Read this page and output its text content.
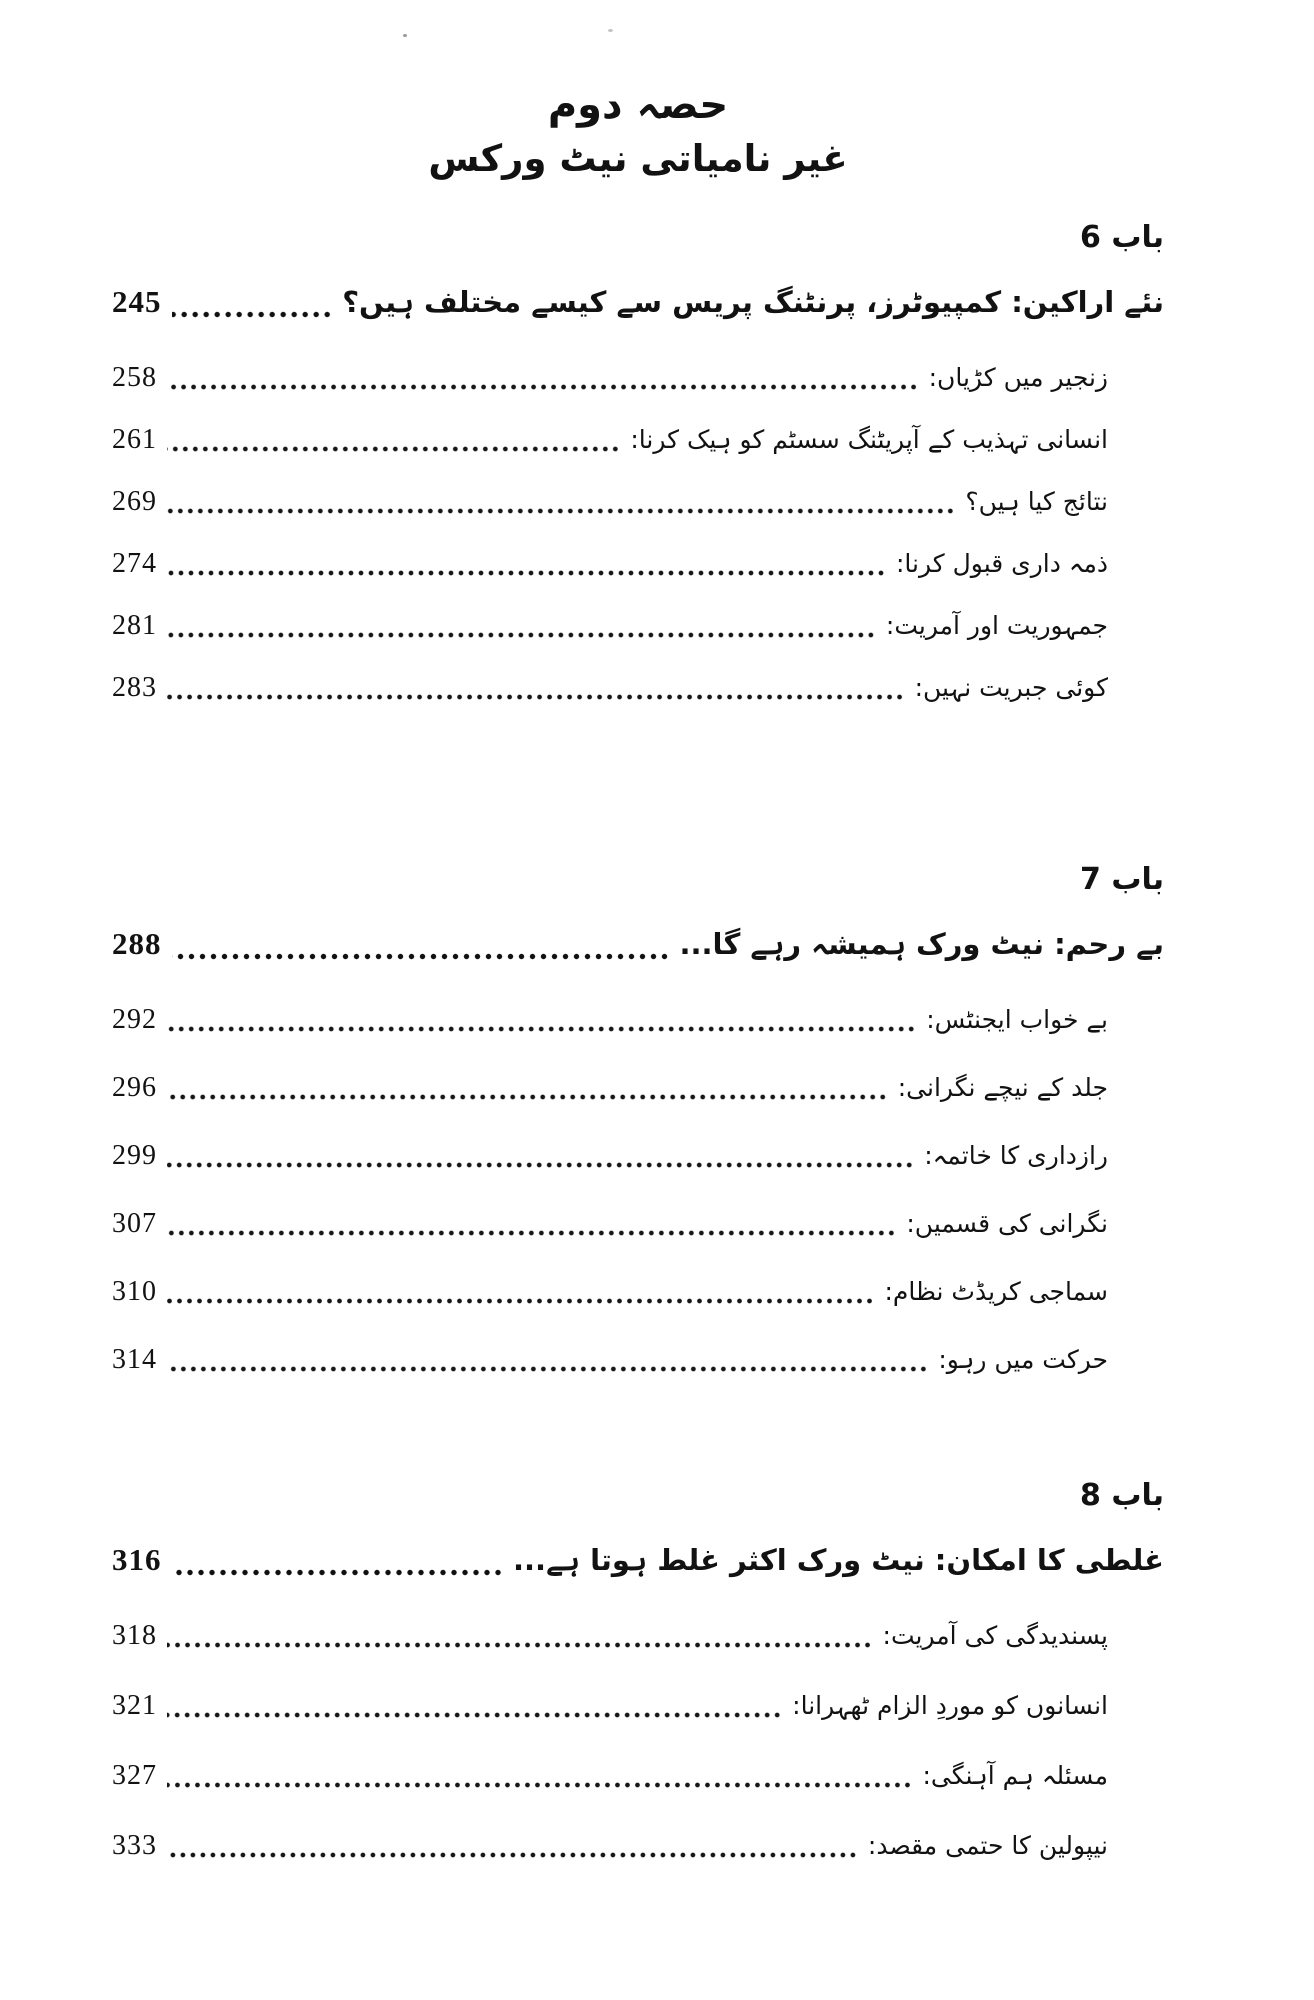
حصہ دوم
غیر نامیاتی نیٹ ورکس
باب 6
نئے اراکین: کمپیوٹرز، پرنٹنگ پریس سے کیسے مختلف ہیں؟
245
زنجیر میں کڑیاں:
258
انسانی تہذیب کے آپریٹنگ سسٹم کو ہیک کرنا:
261
نتائج کیا ہیں؟
269
ذمہ داری قبول کرنا:
274
جمہوریت اور آمریت:
281
کوئی جبریت نہیں:
283
باب 7
بے رحم: نیٹ ورک ہمیشہ رہے گا...
288
بے خواب ایجنٹس:
292
جلد کے نیچے نگرانی:
296
رازداری کا خاتمہ:
299
نگرانی کی قسمیں:
307
سماجی کریڈٹ نظام:
310
حرکت میں رہو:
314
باب 8
غلطی کا امکان: نیٹ ورک اکثر غلط ہوتا ہے...
316
پسندیدگی کی آمریت:
318
انسانوں کو موردِ الزام ٹھہرانا:
321
مسئلہ ہم آہنگی:
327
نیپولین کا حتمی مقصد:
333
